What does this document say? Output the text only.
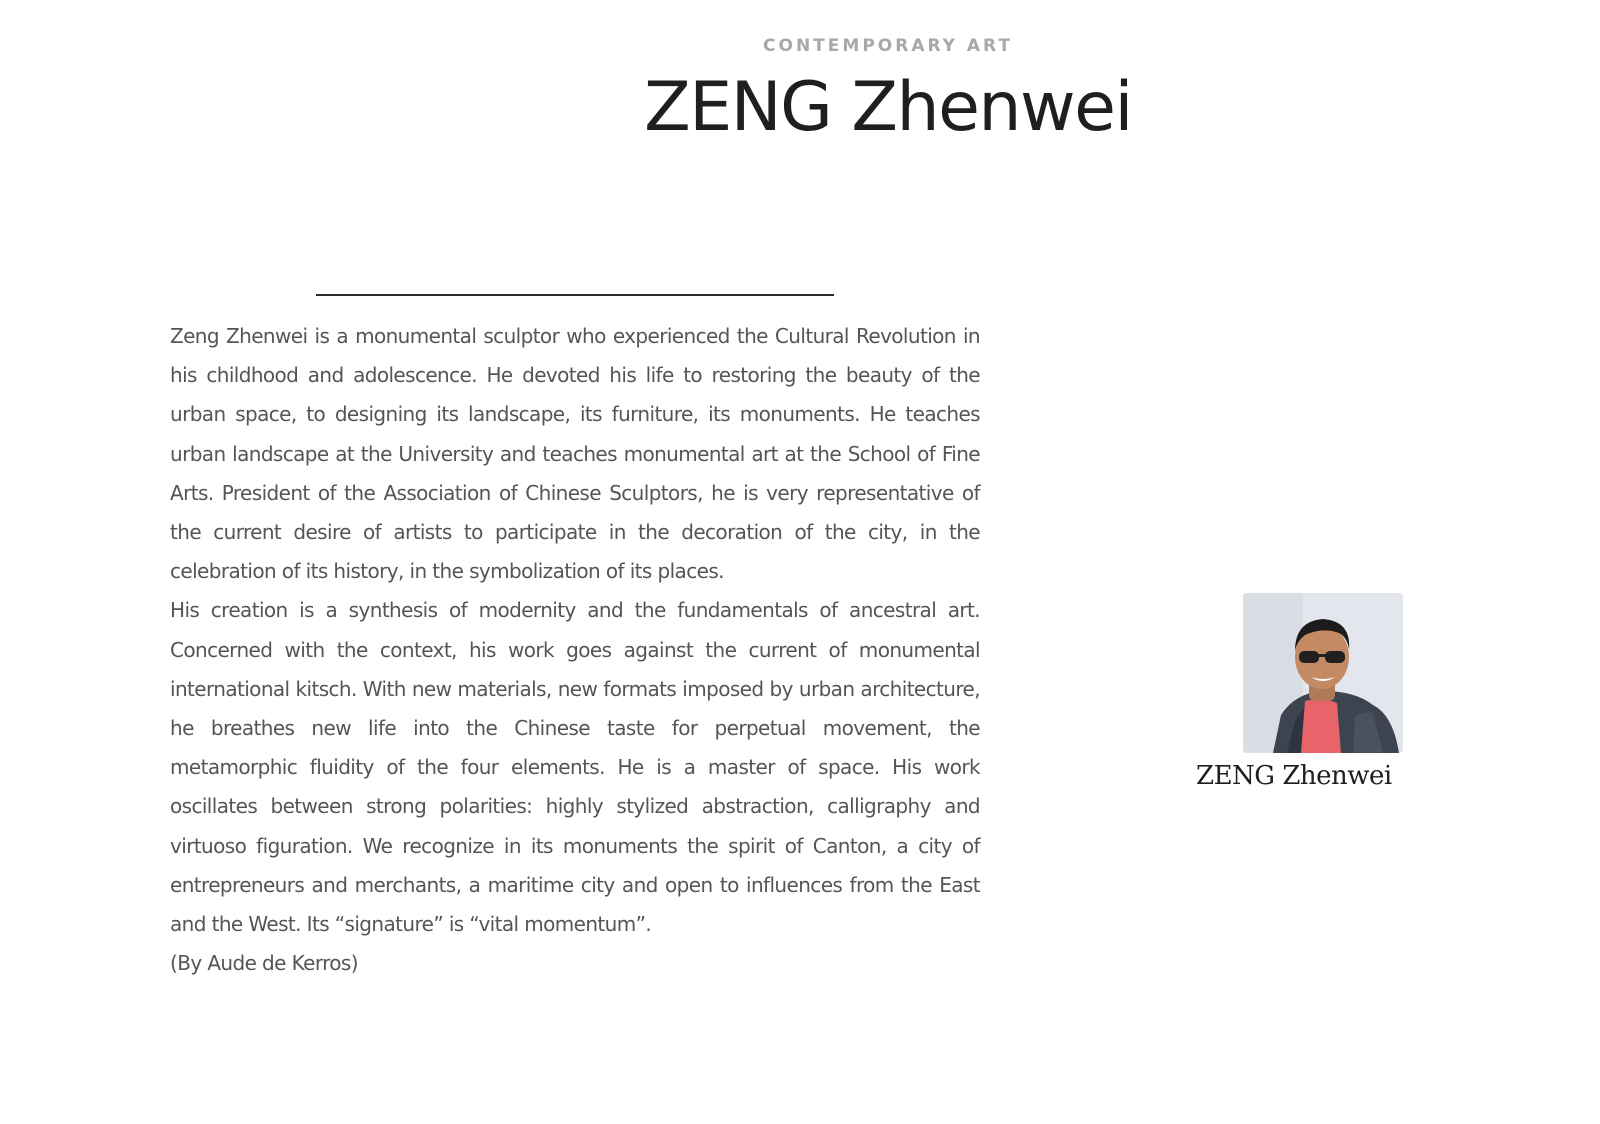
CONTEMPORARY ART
ZENG Zhenwei

Zeng Zhenwei is a monumental sculptor who experienced the Cultural Revolution in his childhood and adolescence. He devoted his life to restoring the beauty of the urban space, to designing its landscape, its furniture, its monuments. He teaches urban landscape at the University and teaches monumental art at the School of Fine Arts. President of the Association of Chinese Sculptors, he is very representative of the current desire of artists to participate in the decoration of the city, in the celebration of its history, in the symbolization of its places.

His creation is a synthesis of modernity and the fundamentals of ancestral art. Concerned with the context, his work goes against the current of monumental international kitsch. With new materials, new formats imposed by urban architecture, he breathes new life into the Chinese taste for perpetual movement, the metamorphic fluidity of the four elements. He is a master of space. His work oscillates between strong polarities: highly stylized abstraction, calligraphy and virtuoso figuration. We recognize in its monuments the spirit of Canton, a city of entrepreneurs and merchants, a maritime city and open to influences from the East and the West. Its “signature” is “vital momentum”.

(By Aude de Kerros)

ZENG Zhenwei
